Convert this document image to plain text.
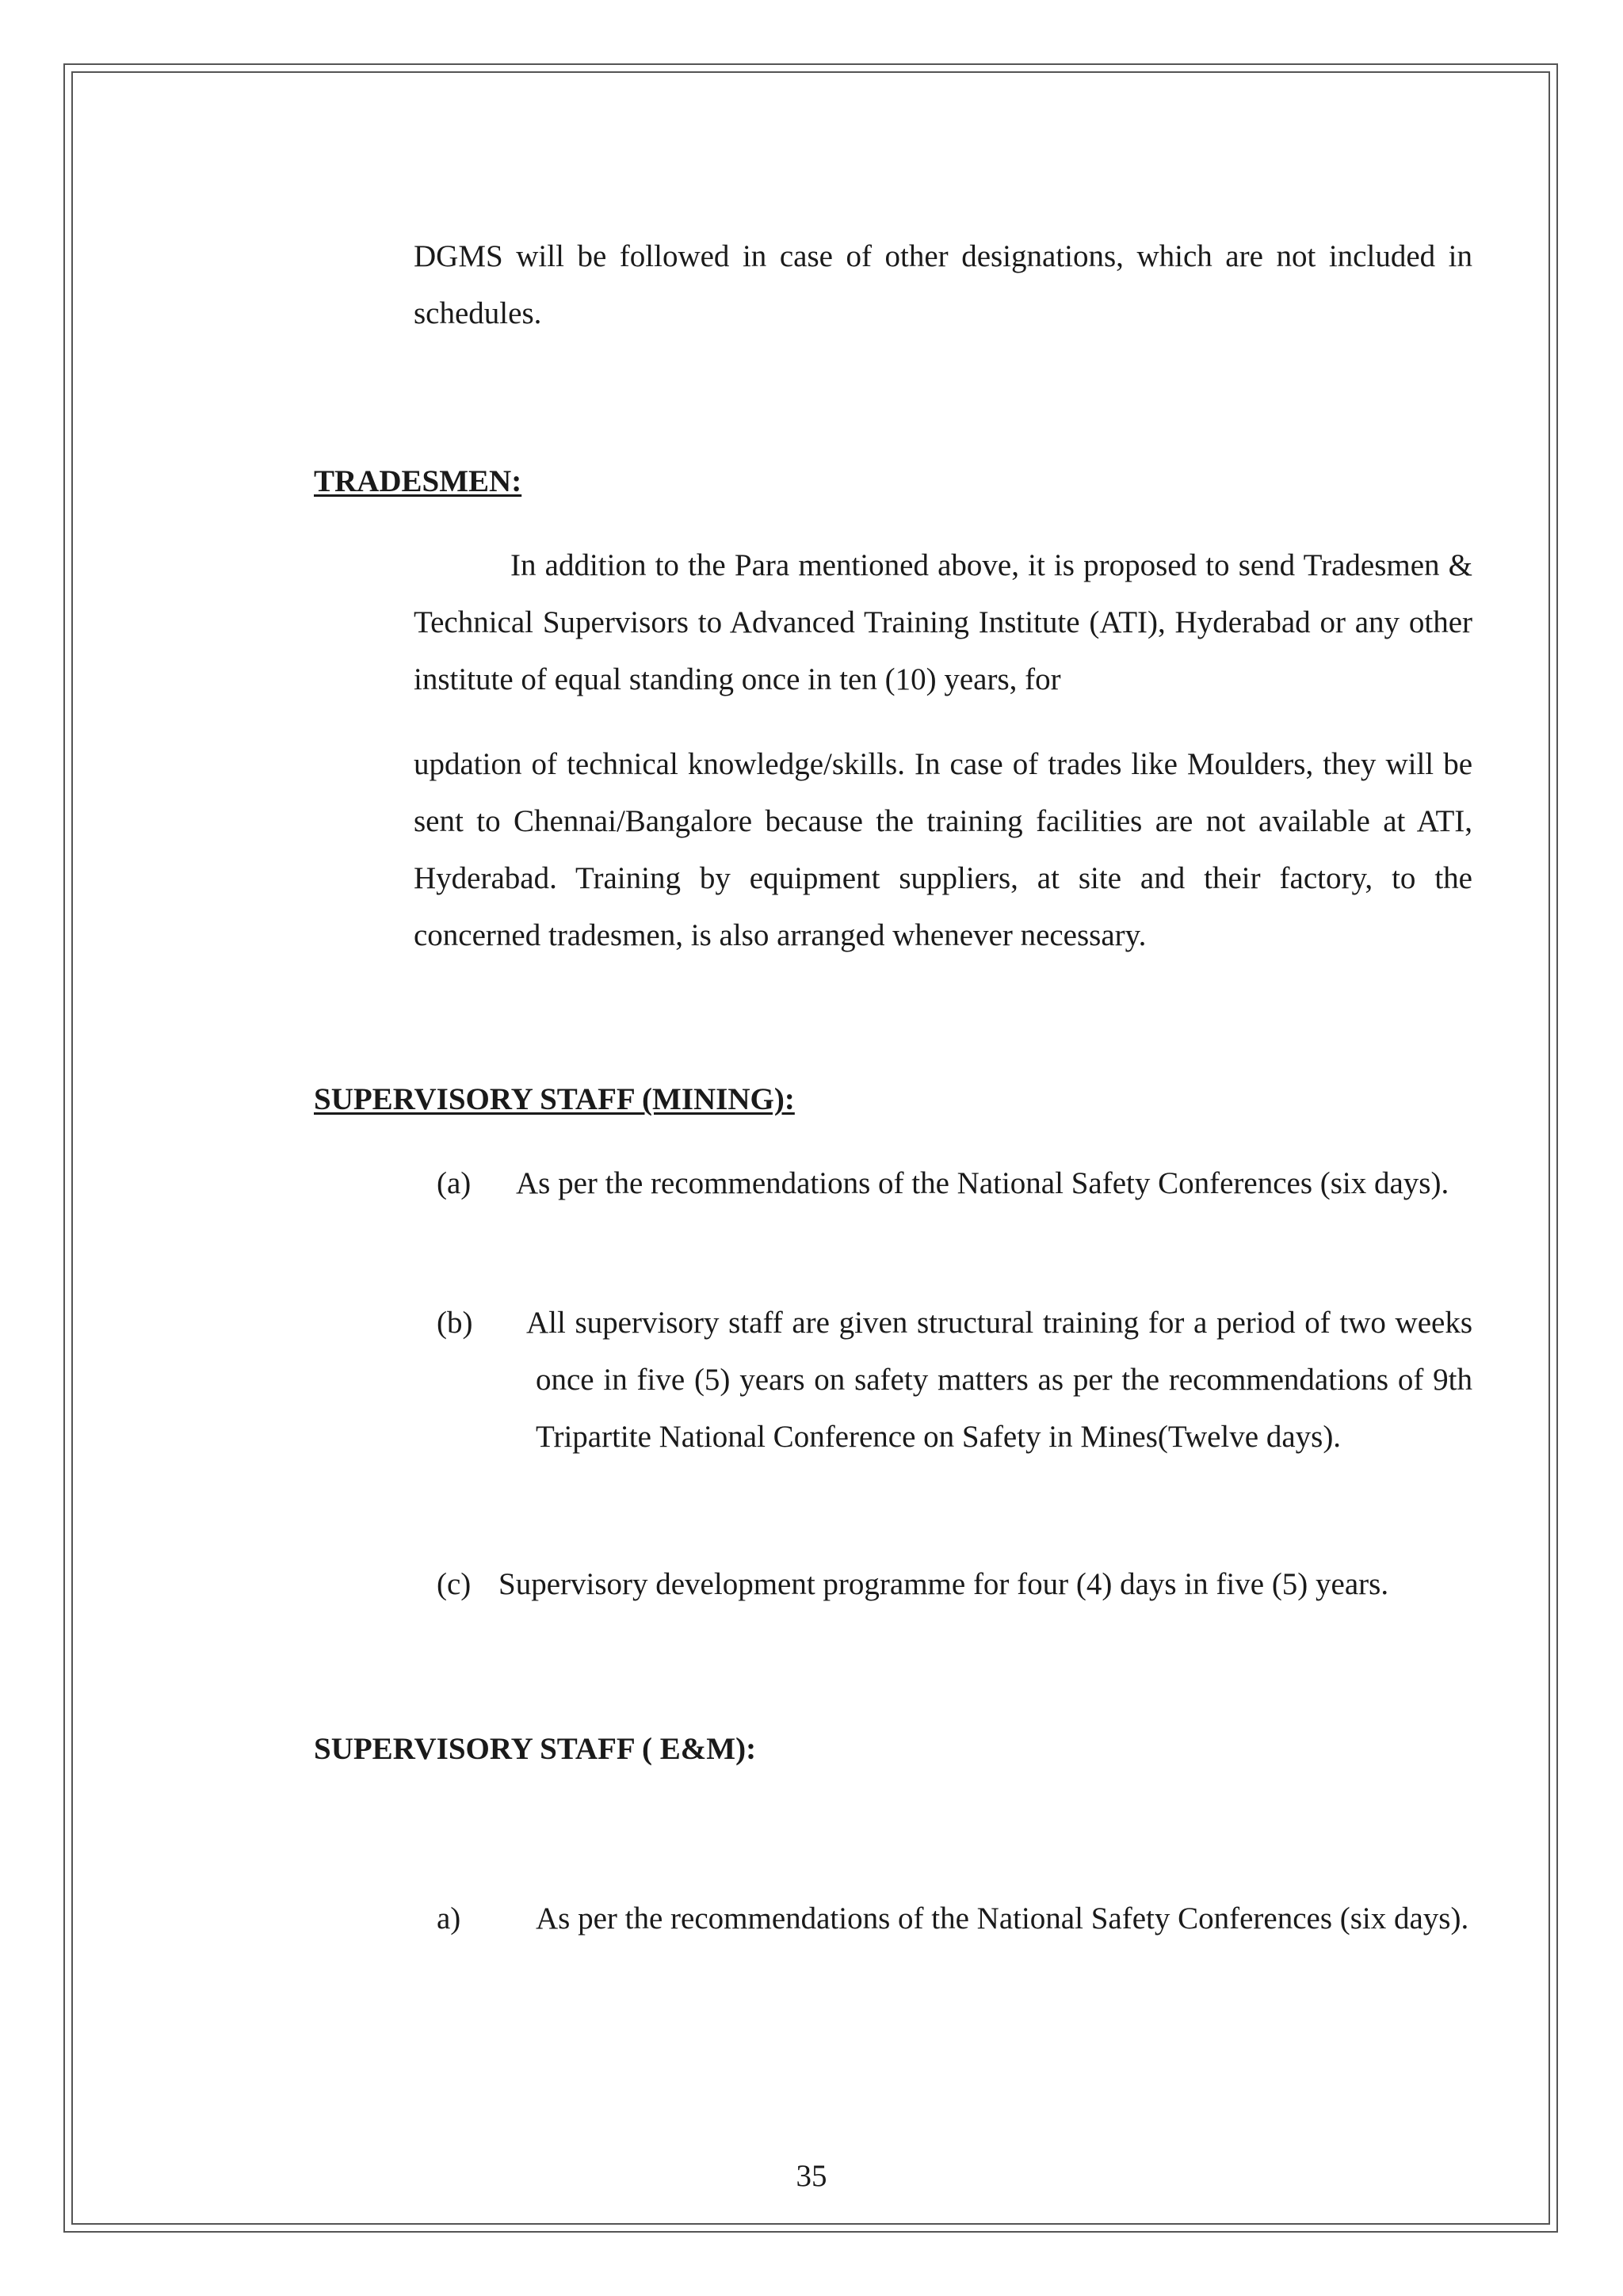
DGMS will be followed in case of other designations, which are not included in schedules.

TRADESMEN:

In addition to the Para mentioned above, it is proposed to send Tradesmen & Technical Supervisors to Advanced Training Institute (ATI), Hyderabad or any other institute of equal standing once in ten (10) years, for

updation of technical knowledge/skills. In case of trades like Moulders, they will be sent to Chennai/Bangalore because the training facilities are not available at ATI, Hyderabad. Training by equipment suppliers, at site and their factory, to the concerned tradesmen, is also arranged whenever necessary.

SUPERVISORY STAFF (MINING):
(a)	As per the recommendations of the National Safety Conferences (six days).
(b)	All supervisory staff are given structural training for a period of two weeks once in five (5) years on safety matters as per the recommendations of 9th Tripartite National Conference on Safety in Mines(Twelve days).
(c) Supervisory development programme for four (4) days in five (5) years.
SUPERVISORY STAFF ( E&M):
a)	As per the recommendations of the National Safety Conferences (six days).
35
